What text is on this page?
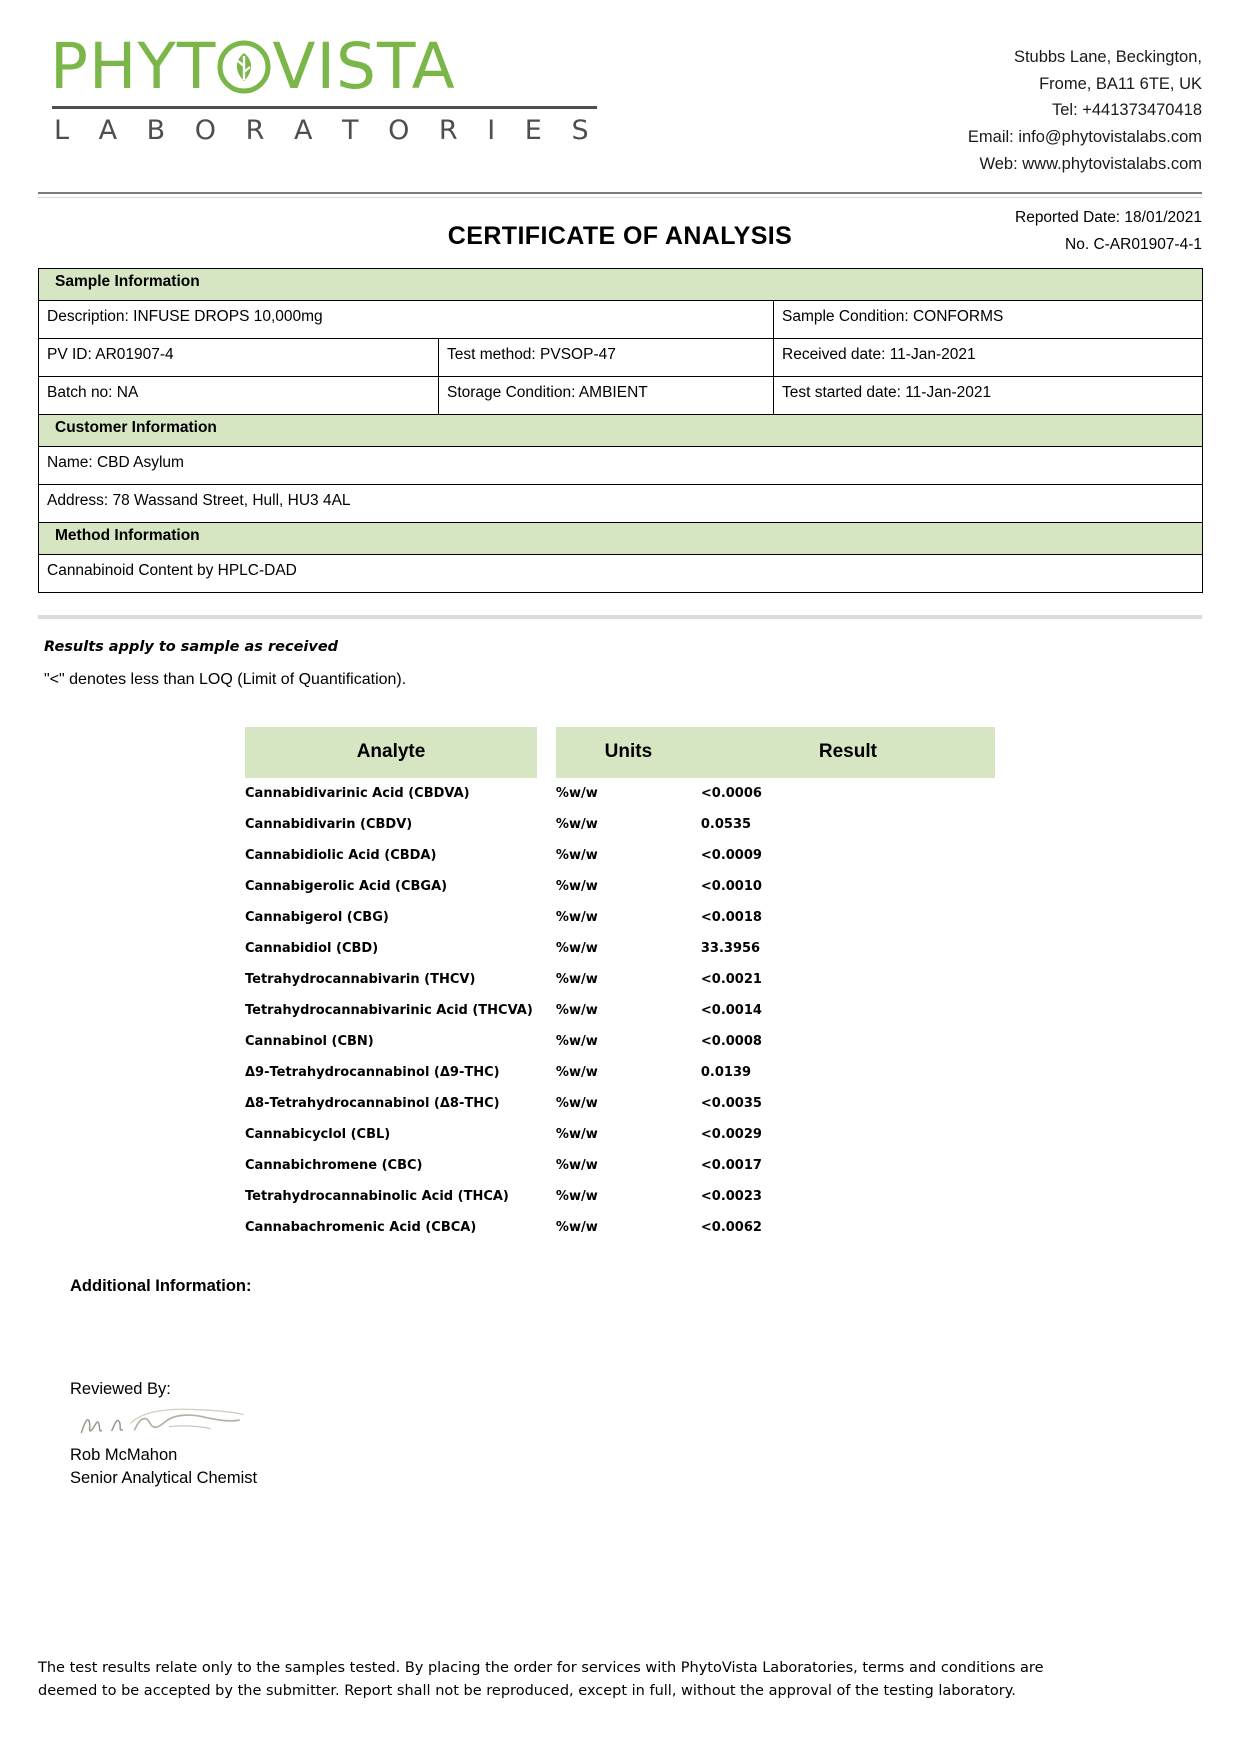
PHYT VISTA
L A B O R A T O R I E S
Stubbs Lane, Beckington,
Frome, BA11 6TE, UK
Tel: +441373470418
Email: info@phytovistalabs.com
Web: www.phytovistalabs.com
CERTIFICATE OF ANALYSIS
Reported Date: 18/01/2021
No. C-AR01907-4-1
Sample Information		
Description: INFUSE DROPS 10,000mg		Sample Condition: CONFORMS
PV ID: AR01907-4	Test method: PVSOP-47	Received date: 11-Jan-2021
Batch no: NA	Storage Condition: AMBIENT	Test started date: 11-Jan-2021
Customer Information		
Name: CBD Asylum		
Address: 78 Wassand Street, Hull, HU3 4AL		
Method Information		
Cannabinoid Content by HPLC-DAD		
Results apply to sample as received
"<" denotes less than LOQ (Limit of Quantification).
Analyte		Units	Result
Cannabidivarinic Acid (CBDVA)		%w/w	<0.0006
Cannabidivarin (CBDV)		%w/w	0.0535
Cannabidiolic Acid (CBDA)		%w/w	<0.0009
Cannabigerolic Acid (CBGA)		%w/w	<0.0010
Cannabigerol (CBG)		%w/w	<0.0018
Cannabidiol (CBD)		%w/w	33.3956
Tetrahydrocannabivarin (THCV)		%w/w	<0.0021
Tetrahydrocannabivarinic Acid (THCVA)		%w/w	<0.0014
Cannabinol (CBN)		%w/w	<0.0008
Δ9-Tetrahydrocannabinol (Δ9-THC)		%w/w	0.0139
Δ8-Tetrahydrocannabinol (Δ8-THC)		%w/w	<0.0035
Cannabicyclol (CBL)		%w/w	<0.0029
Cannabichromene (CBC)		%w/w	<0.0017
Tetrahydrocannabinolic Acid (THCA)		%w/w	<0.0023
Cannabachromenic Acid (CBCA)		%w/w	<0.0062
Additional Information:
Reviewed By:
Rob McMahon
Senior Analytical Chemist
The test results relate only to the samples tested. By placing the order for services with PhytoVista Laboratories, terms and conditions are
deemed to be accepted by the submitter. Report shall not be reproduced, except in full, without the approval of the testing laboratory.
